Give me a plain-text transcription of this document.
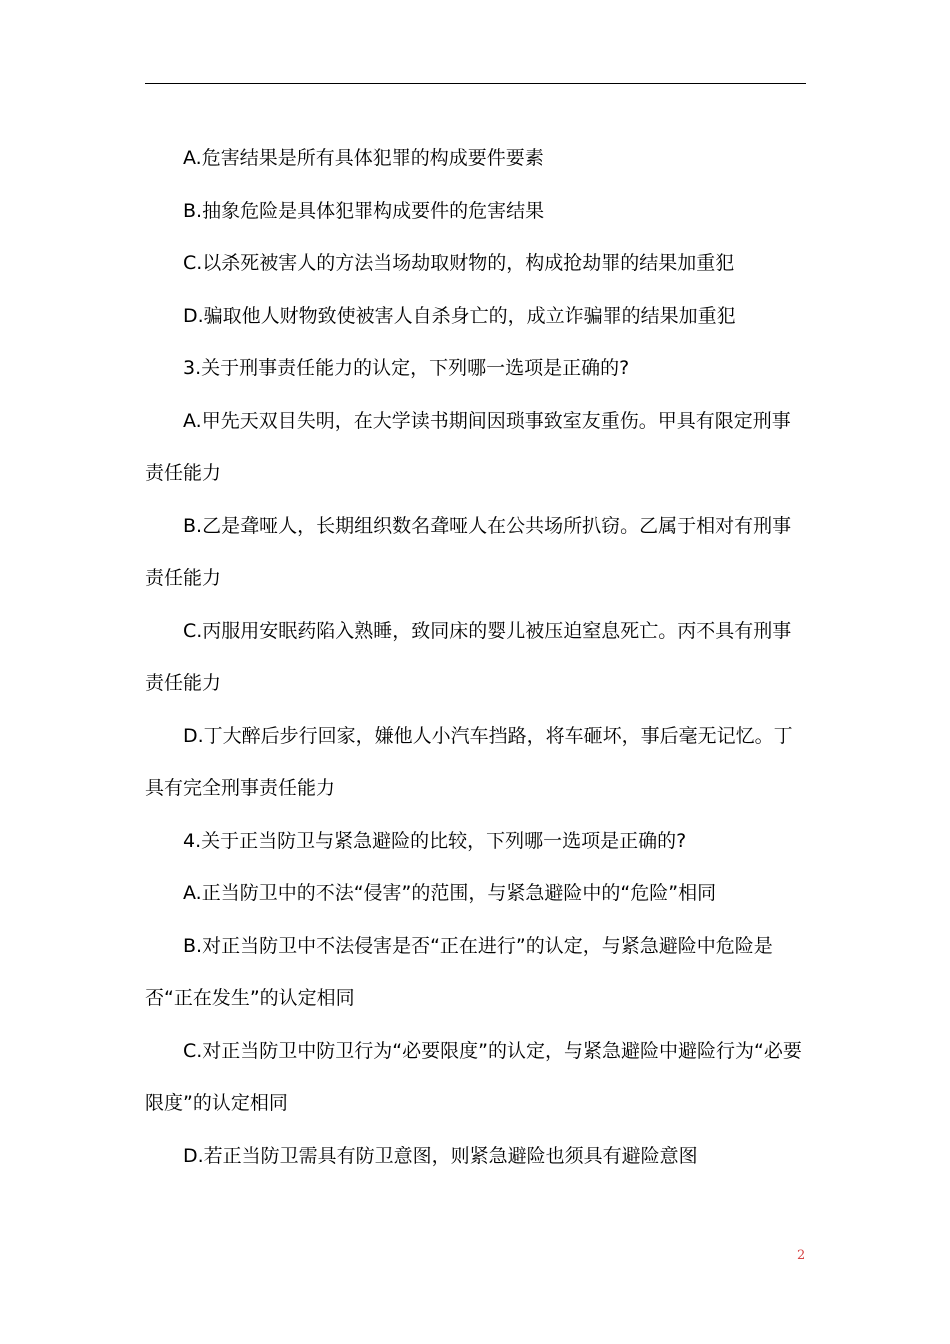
A.危害结果是所有具体犯罪的构成要件要素

B.抽象危险是具体犯罪构成要件的危害结果

C.以杀死被害人的方法当场劫取财物的，构成抢劫罪的结果加重犯

D.骗取他人财物致使被害人自杀身亡的，成立诈骗罪的结果加重犯

3.关于刑事责任能力的认定，下列哪一选项是正确的?

A.甲先天双目失明，在大学读书期间因琐事致室友重伤。甲具有限定刑事责任能力

B.乙是聋哑人，长期组织数名聋哑人在公共场所扒窃。乙属于相对有刑事责任能力

C.丙服用安眠药陷入熟睡，致同床的婴儿被压迫窒息死亡。丙不具有刑事责任能力

D.丁大醉后步行回家，嫌他人小汽车挡路，将车砸坏，事后毫无记忆。丁具有完全刑事责任能力

4.关于正当防卫与紧急避险的比较，下列哪一选项是正确的?

A.正当防卫中的不法“侵害”的范围，与紧急避险中的“危险”相同

B.对正当防卫中不法侵害是否“正在进行”的认定，与紧急避险中危险是否“正在发生”的认定相同

C.对正当防卫中防卫行为“必要限度”的认定，与紧急避险中避险行为“必要限度”的认定相同

D.若正当防卫需具有防卫意图，则紧急避险也须具有避险意图

2
